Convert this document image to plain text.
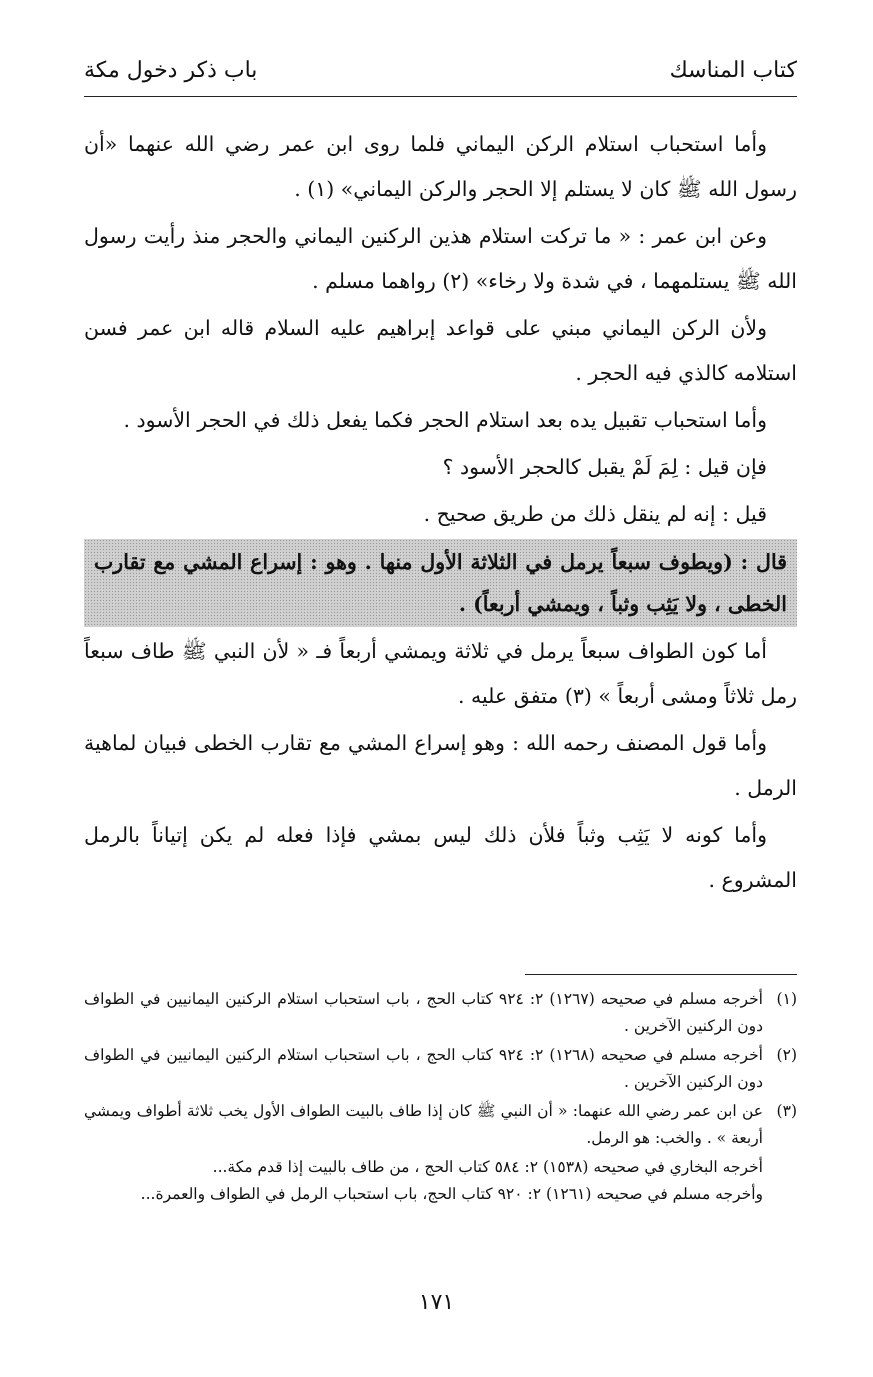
كتاب المناسك
باب ذكر دخول مكة

وأما استحباب استلام الركن اليماني فلما روى ابن عمر رضي الله عنهما «أن رسول الله ﷺ كان لا يستلم إلا الحجر والركن اليماني» (١) .

وعن ابن عمر : « ما تركت استلام هذين الركنين اليماني والحجر منذ رأيت رسول الله ﷺ يستلمهما ، في شدة ولا رخاء» (٢) رواهما مسلم .

ولأن الركن اليماني مبني على قواعد إبراهيم عليه السلام قاله ابن عمر فسن استلامه كالذي فيه الحجر .

وأما استحباب تقبيل يده بعد استلام الحجر فكما يفعل ذلك في الحجر الأسود .

فإن قيل : لِمَ لَمْ يقبل كالحجر الأسود ؟

قيل : إنه لم ينقل ذلك من طريق صحيح .

قال : (ويطوف سبعاً يرمل في الثلاثة الأول منها . وهو : إسراع المشي مع تقارب الخطى ، ولا يَثِب وثباً ، ويمشي أربعاً) .

أما كون الطواف سبعاً يرمل في ثلاثة ويمشي أربعاً فـ « لأن النبي ﷺ طاف سبعاً رمل ثلاثاً ومشى أربعاً » (٣) متفق عليه .

وأما قول المصنف رحمه الله : وهو إسراع المشي مع تقارب الخطى فبيان لماهية الرمل .

وأما كونه لا يَثِب وثباً فلأن ذلك ليس بمشي فإذا فعله لم يكن إتياناً بالرمل المشروع .

(١)
أخرجه مسلم في صحيحه (١٢٦٧) ٢: ٩٢٤ كتاب الحج ، باب استحباب استلام الركنين اليمانيين في الطواف دون الركنين الآخرين .
(٢)
أخرجه مسلم في صحيحه (١٢٦٨) ٢: ٩٢٤ كتاب الحج ، باب استحباب استلام الركنين اليمانيين في الطواف دون الركنين الآخرين .
(٣)
عن ابن عمر رضي الله عنهما: « أن النبي ﷺ كان إذا طاف بالبيت الطواف الأول يخب ثلاثة أطواف ويمشي أربعة » . والخب: هو الرمل.
أخرجه البخاري في صحيحه (١٥٣٨) ٢: ٥٨٤ كتاب الحج ، من طاف بالبيت إذا قدم مكة...
وأخرجه مسلم في صحيحه (١٢٦١) ٢: ٩٢٠ كتاب الحج، باب استحباب الرمل في الطواف والعمرة...
١٧١
